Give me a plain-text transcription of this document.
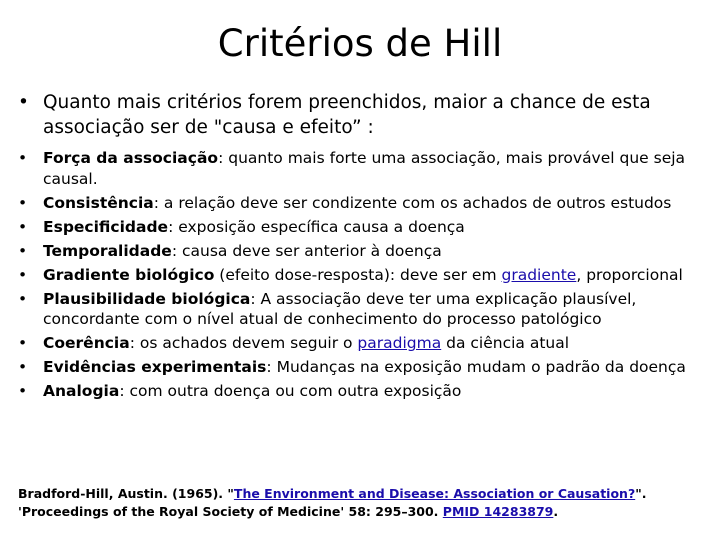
Critérios de Hill
• Quanto mais critérios forem preenchidos, maior a chance de esta associação ser de "causa e efeito” :
• Força da associação: quanto mais forte uma associação, mais provável que seja causal.
• Consistência: a relação deve ser condizente com os achados de outros estudos
• Especificidade: exposição específica causa a doença
• Temporalidade: causa deve ser anterior à doença
• Gradiente biológico (efeito dose-resposta): deve ser em gradiente, proporcional
• Plausibilidade biológica: A associação deve ter uma explicação plausível, concordante com o nível atual de conhecimento do processo patológico
• Coerência: os achados devem seguir o paradigma da ciência atual
• Evidências experimentais: Mudanças na exposição mudam o padrão da doença
• Analogia: com outra doença ou com outra exposição
Bradford-Hill, Austin. (1965). "The Environment and Disease: Association or Causation?". 'Proceedings of the Royal Society of Medicine' 58: 295–300. PMID 14283879.
